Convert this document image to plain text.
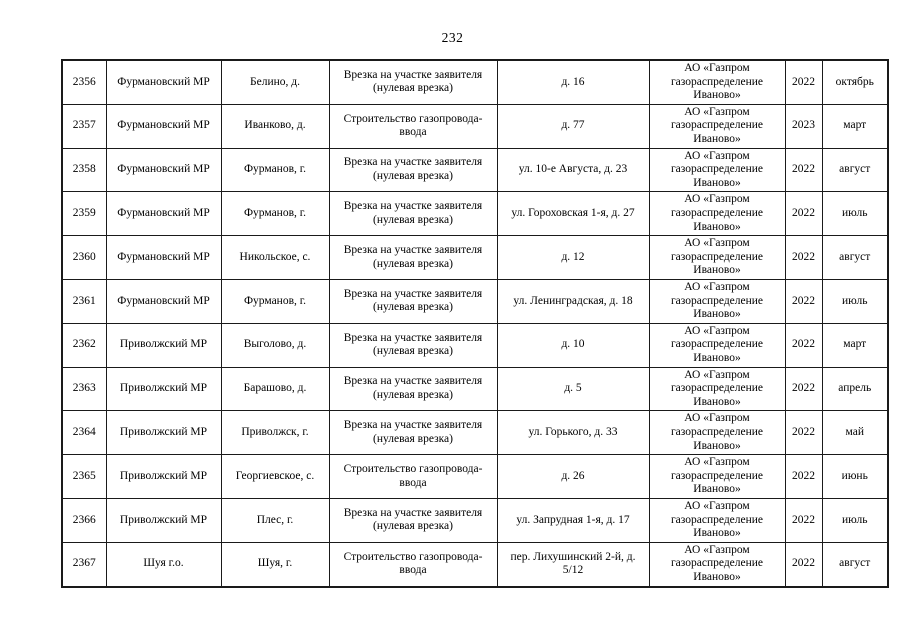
232
2356	Фурмановский МР	Белино, д.	Врезка на участке заявителя (нулевая врезка)	д. 16	АО «Газпром газораспределение Иваново»	2022	октябрь
2357	Фурмановский МР	Иванково, д.	Строительство газопровода-ввода	д. 77	АО «Газпром газораспределение Иваново»	2023	март
2358	Фурмановский МР	Фурманов, г.	Врезка на участке заявителя (нулевая врезка)	ул. 10-е Августа, д. 23	АО «Газпром газораспределение Иваново»	2022	август
2359	Фурмановский МР	Фурманов, г.	Врезка на участке заявителя (нулевая врезка)	ул. Гороховская 1-я, д. 27	АО «Газпром газораспределение Иваново»	2022	июль
2360	Фурмановский МР	Никольское, с.	Врезка на участке заявителя (нулевая врезка)	д. 12	АО «Газпром газораспределение Иваново»	2022	август
2361	Фурмановский МР	Фурманов, г.	Врезка на участке заявителя (нулевая врезка)	ул. Ленинградская, д. 18	АО «Газпром газораспределение Иваново»	2022	июль
2362	Приволжский МР	Выголово, д.	Врезка на участке заявителя (нулевая врезка)	д. 10	АО «Газпром газораспределение Иваново»	2022	март
2363	Приволжский МР	Барашово, д.	Врезка на участке заявителя (нулевая врезка)	д. 5	АО «Газпром газораспределение Иваново»	2022	апрель
2364	Приволжский МР	Приволжск, г.	Врезка на участке заявителя (нулевая врезка)	ул. Горького, д. 33	АО «Газпром газораспределение Иваново»	2022	май
2365	Приволжский МР	Георгиевское, с.	Строительство газопровода-ввода	д. 26	АО «Газпром газораспределение Иваново»	2022	июнь
2366	Приволжский МР	Плес, г.	Врезка на участке заявителя (нулевая врезка)	ул. Запрудная 1-я, д. 17	АО «Газпром газораспределение Иваново»	2022	июль
2367	Шуя г.о.	Шуя, г.	Строительство газопровода-ввода	пер. Лихушинский 2-й, д. 5/12	АО «Газпром газораспределение Иваново»	2022	август
